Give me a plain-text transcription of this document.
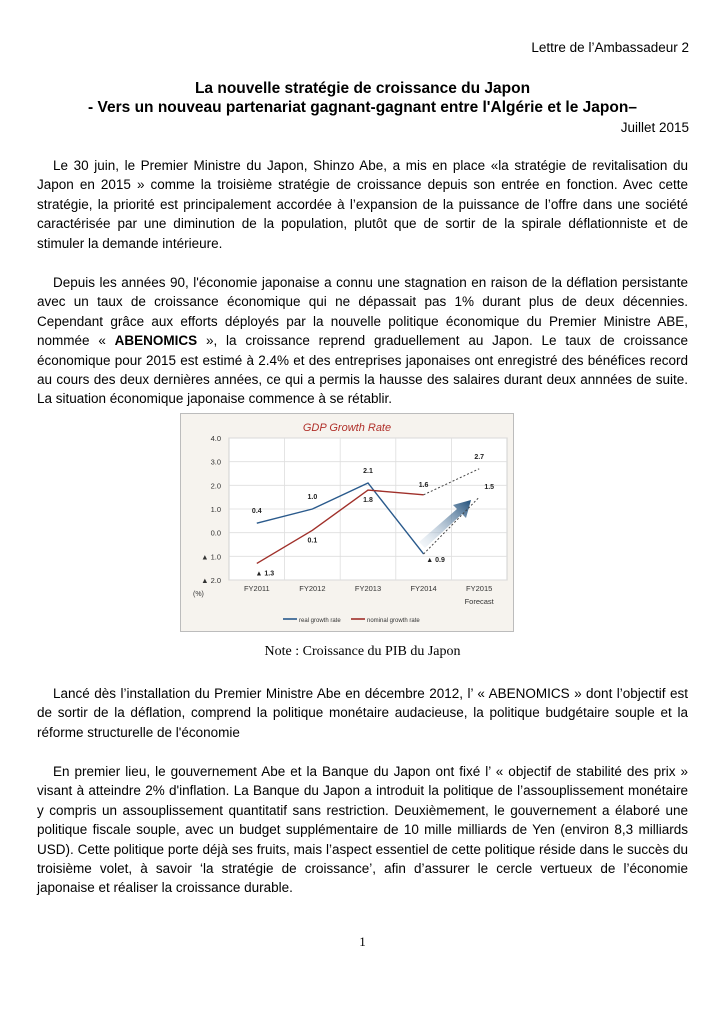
Lettre de l’Ambassadeur 2
La nouvelle stratégie de croissance du Japon
- Vers un nouveau partenariat gagnant-gagnant entre l'Algérie et le Japon–
Juillet 2015

Le 30 juin, le Premier Ministre du Japon, Shinzo Abe, a mis en place «la stratégie de revitalisation du Japon en 2015 » comme la troisième stratégie de croissance depuis son entrée en fonction. Avec cette stratégie, la priorité est principalement accordée à l’expansion de la puissance de l’offre dans une société caractérisée par une diminution de la population, plutôt que de sortir de la spirale déflationniste et de stimuler la demande intérieure.

Depuis les années 90, l'économie japonaise a connu une stagnation en raison de la déflation persistante avec un taux de croissance économique qui ne dépassait pas 1% durant plus de deux décennies. Cependant grâce aux efforts déployés par la nouvelle politique économique du Premier Ministre ABE, nommée « ABENOMICS », la croissance reprend graduellement au Japon. Le taux de croissance économique pour 2015 est estimé à 2.4% et des entreprises japonaises ont enregistré des bénéfices record au cours des deux dernières années, ce qui a permis la hausse des salaires durant deux annnées de suite. La situation économique japonaise commence à se rétablir.

GDP Growth Rate
4.0
3.0
2.0
1.0
0.0
▲ 1.0
▲ 2.0
(%)
FY2011	FY2012	FY2013	FY2014	FY2015
Forecast
0.4
1.0
2.1
▲ 0.9
1.5
▲ 1.3
0.1
1.8
1.6
2.7
real growth rate	nominal growth rate
Note : Croissance du PIB du Japon

Lancé dès l’installation du Premier Ministre Abe en décembre 2012, l’ « ABENOMICS » dont l’objectif est de sortir de la déflation, comprend la politique monétaire audacieuse, la politique budgétaire souple et la réforme structurelle de l'économie

En premier lieu, le gouvernement Abe et la Banque du Japon ont fixé l’ « objectif de stabilité des prix » visant à atteindre 2% d'inflation. La Banque du Japon a introduit la politique de l’assouplissement monétaire y compris un assouplissement quantitatif sans restriction. Deuxièmement, le gouvernement a élaboré une politique fiscale souple, avec un budget supplémentaire de 10 mille milliards de Yen (environ 8,3 milliards USD). Cette politique porte déjà ses fruits, mais l’aspect essentiel de cette politique réside dans le succès du troisième volet, à savoir ‘la stratégie de croissance’, afin d’assurer le cercle vertueux de l’économie japonaise et réaliser la croissance durable.

1
